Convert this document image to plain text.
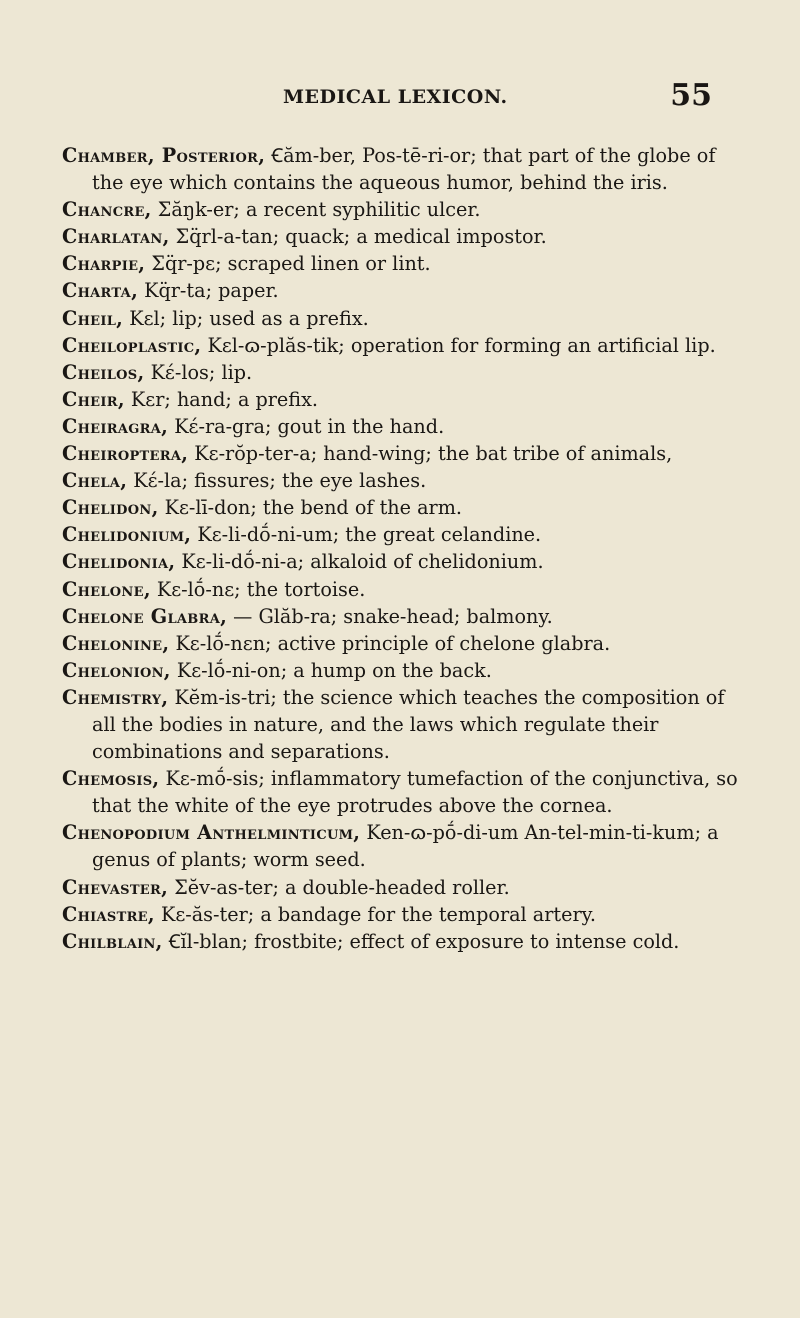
MEDICAL LEXICON.	55

Chamber, Posterior, Ꞓăm-ber, Pos-tē-ri-or; that part of the globe of the eye which contains the aqueous humor, behind the iris.

Chancre, Σăŋk-er; a recent syphilitic ulcer.

Charlatan, Σq̈rl-a-tan; quack; a medical impostor.

Charpie, Σq̈r-pɛ; scraped linen or lint.

Charta, Kq̈r-ta; paper.

Cheil, Kɛl; lip; used as a prefix.

Cheiloplastic, Kɛl-ɷ-plăs-tik; operation for forming an artificial lip.

Cheilos, Kɛ́-los; lip.

Cheir, Kɛr; hand; a prefix.

Cheiragra, Kɛ́-ra-gra; gout in the hand.

Cheiroptera, Kɛ-rŏp-ter-a; hand-wing; the bat tribe of animals,

Chela, Kɛ́-la; fissures; the eye lashes.

Chelidon, Kɛ-lī-don; the bend of the arm.

Chelidonium, Kɛ-li-dṓ-ni-um; the great celandine.

Chelidonia, Kɛ-li-dṓ-ni-a; alkaloid of chelidonium.

Chelone, Kɛ-lṓ-nɛ; the tortoise.

Chelone Glabra, — Glăb-ra; snake-head; balmony.

Chelonine, Kɛ-lṓ-nɛn; active principle of chelone glabra.

Chelonion, Kɛ-lṓ-ni-on; a hump on the back.

Chemistry, Kĕm-is-tri; the science which teaches the composition of all the bodies in nature, and the laws which regulate their combinations and separations.

Chemosis, Kɛ-mṓ-sis; inflammatory tumefaction of the conjunctiva, so that the white of the eye protrudes above the cornea.

Chenopodium Anthelminticum, Ken-ɷ-pṓ-di-um An-tel-min-ti-kum; a genus of plants; worm seed.

Chevaster, Σĕv-as-ter; a double-headed roller.

Chiastre, Kɛ-ăs-ter; a bandage for the temporal artery.

Chilblain, Ꞓĭl-blan; frostbite; effect of exposure to intense cold.
